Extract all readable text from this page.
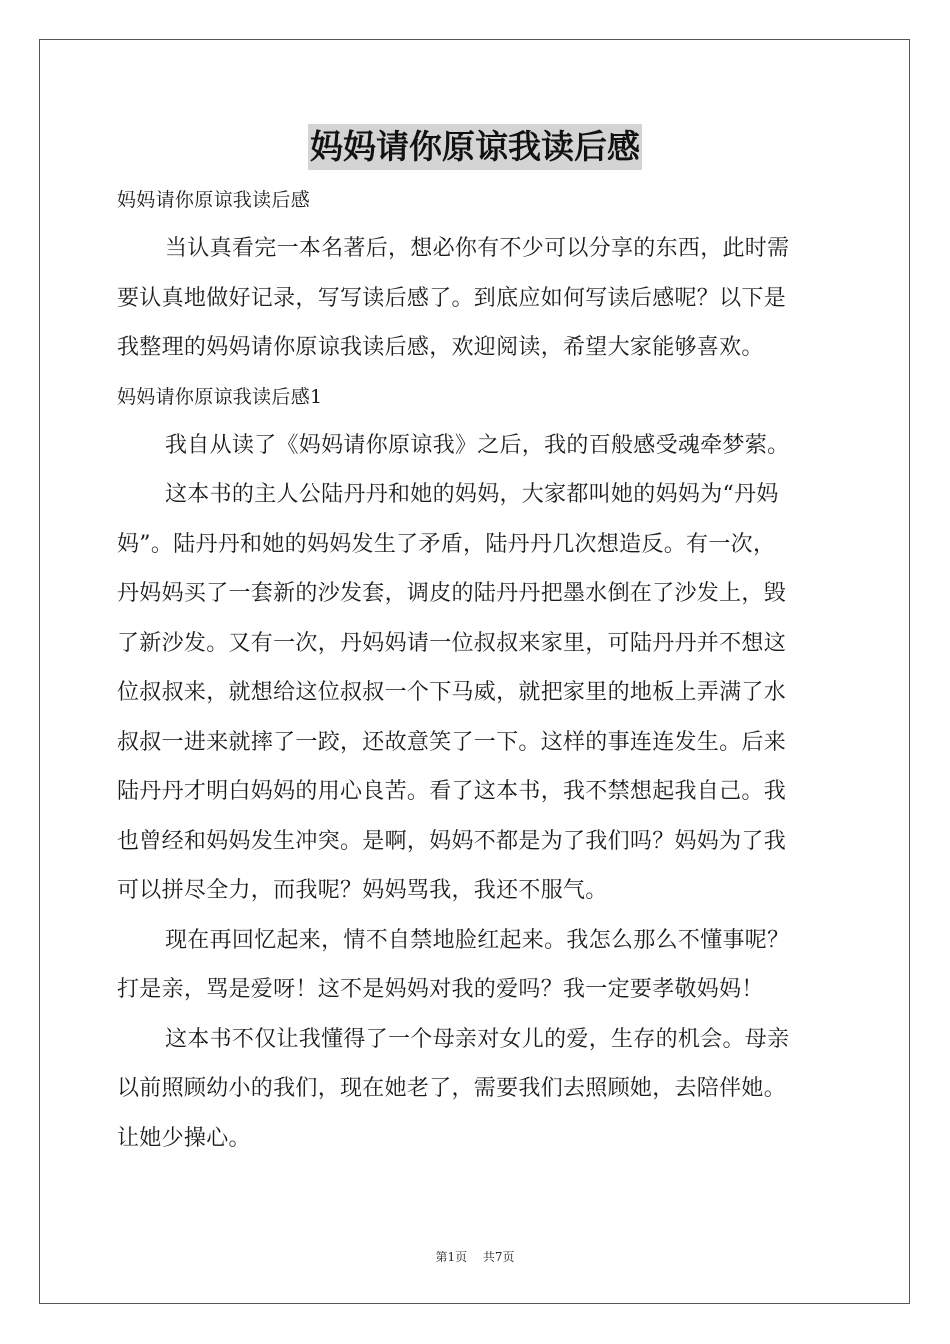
妈妈请你原谅我读后感
妈妈请你原谅我读后感
当认真看完一本名著后，想必你有不少可以分享的东西，此时需
要认真地做好记录，写写读后感了。到底应如何写读后感呢？以下是
我整理的妈妈请你原谅我读后感，欢迎阅读，希望大家能够喜欢。
妈妈请你原谅我读后感1
我自从读了《妈妈请你原谅我》之后，我的百般感受魂牵梦萦。
这本书的主人公陆丹丹和她的妈妈，大家都叫她的妈妈为“丹妈
妈”。陆丹丹和她的妈妈发生了矛盾，陆丹丹几次想造反。有一次，
丹妈妈买了一套新的沙发套，调皮的陆丹丹把墨水倒在了沙发上，毁
了新沙发。又有一次，丹妈妈请一位叔叔来家里，可陆丹丹并不想这
位叔叔来，就想给这位叔叔一个下马威，就把家里的地板上弄满了水
叔叔一进来就摔了一跤，还故意笑了一下。这样的事连连发生。后来
陆丹丹才明白妈妈的用心良苦。看了这本书，我不禁想起我自己。我
也曾经和妈妈发生冲突。是啊，妈妈不都是为了我们吗？妈妈为了我
可以拼尽全力，而我呢？妈妈骂我，我还不服气。
现在再回忆起来，情不自禁地脸红起来。我怎么那么不懂事呢？
打是亲，骂是爱呀！这不是妈妈对我的爱吗？我一定要孝敬妈妈！
这本书不仅让我懂得了一个母亲对女儿的爱，生存的机会。母亲
以前照顾幼小的我们，现在她老了，需要我们去照顾她，去陪伴她。
让她少操心。
第1页 共7页
